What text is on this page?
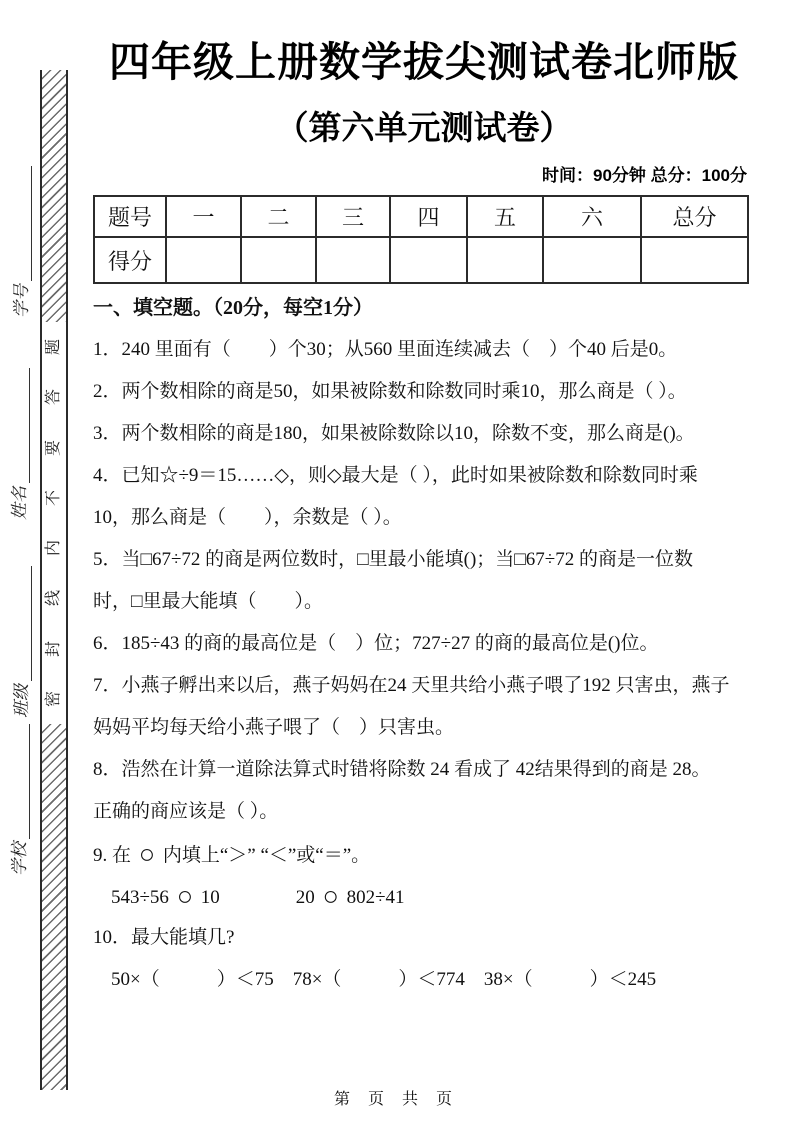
学号
姓名
班级
学校
题
答
要
不
内
线
封
密
四年级上册数学拔尖测试卷北师版
（第六单元测试卷）
时间：90分钟 总分：100分
题号	一	二	三	四	五	六	总分
得分							
一、填空题。（20分，每空1分）
1．240 里面有（　　）个30；从560 里面连续减去（　）个40 后是0。
2．两个数相除的商是50，如果被除数和除数同时乘10，那么商是（ ）。
3．两个数相除的商是180，如果被除数除以10，除数不变，那么商是()。
4．已知☆÷9＝15……◇，则◇最大是（ ），此时如果被除数和除数同时乘
10，那么商是（　　），余数是（ ）。
5．当□67÷72 的商是两位数时，□里最小能填()；当□67÷72 的商是一位数
时，□里最大能填（　　）。
6．185÷43 的商的最高位是（　）位；727÷27 的商的最高位是()位。
7．小燕子孵出来以后，燕子妈妈在24 天里共给小燕子喂了192 只害虫，燕子
妈妈平均每天给小燕子喂了（　）只害虫。
8．浩然在计算一道除法算式时错将除数 24 看成了 42结果得到的商是 28。
正确的商应该是（ ）。
9. 在 ○ 内填上“＞” “＜”或“＝”。
543÷56 ○ 10　　　　20 ○ 802÷41
10．最大能填几?
50×（　　　）＜75　78×（　　　）＜774　38×（　　　）＜245
第 页 共 页
